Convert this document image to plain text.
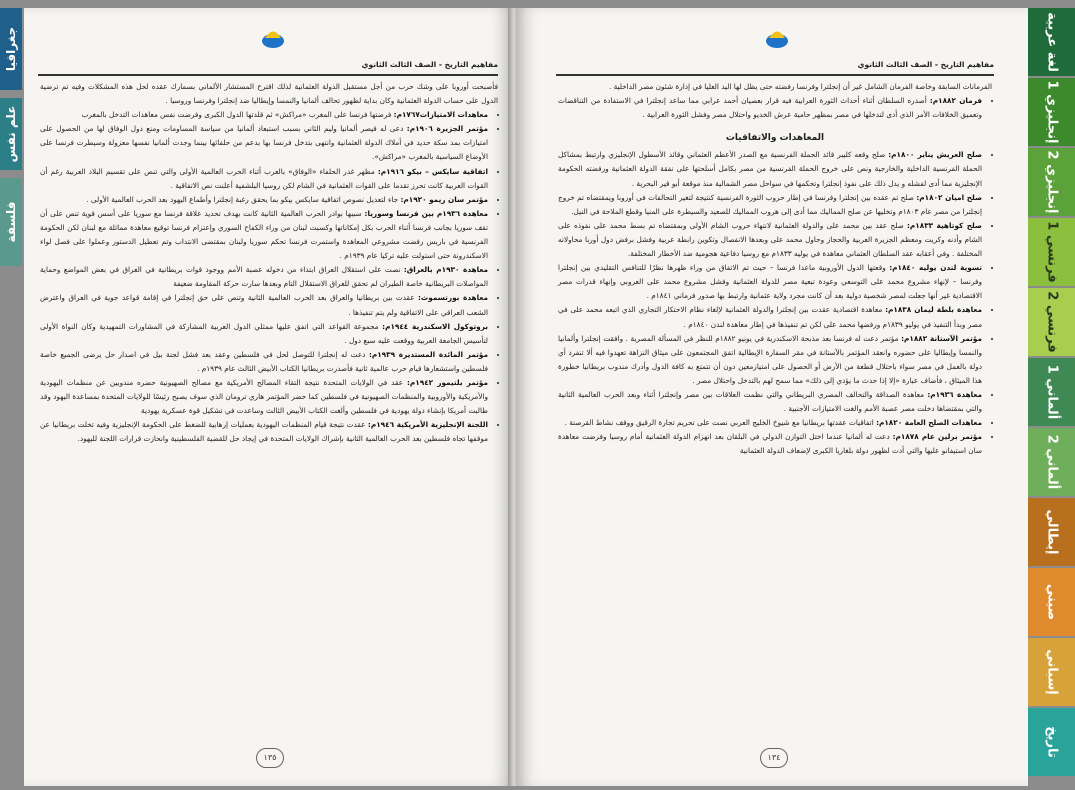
جغرافيا
علم نفس
فلسفة
لغة عربية
إنجليزي 1
إنجليزي 2
فرنسي 1
فرنسي 2
ألماني 1
ألماني 2
إيطالي
صيني
إسباني
تاريخ
مفاهيم التاريخ - الصف الثالث الثانوي

فأصبحت أوروبا على وشك حرب من أجل مستقبل الدولة العثمانية لذلك اقترح المستشار الألماني بسمارك عقده لحل هذه المشكلات وفيه تم ترضية الدول على حساب الدولة العثمانية وكان بداية لظهور تحالف ألمانيا والنمسا وإيطاليا ضد إنجلترا وفرنسا وروسيا .

• معاهدات الامتيازات١٧٦٧م: فرضتها فرنسا على المغرب «مراكش» ثم قلدتها الدول الكبرى وفرضت نفس معاهدات التدخل بالمغرب
• مؤتمر الجزيرة ١٩٠٦م: دعى له قيصر ألمانيا وليم الثاني بسبب استبعاد ألمانيا من سياسة المساومات ومنع دول الوفاق لها من الحصول على امتيازات بمد سكة حديد في أملاك الدولة العثمانية وانتهى بتدخل فرنسا بها بدعم من حلفائها بينما وجدت ألمانيا نفسها معزولة وسيطرت فرنسا على الأوضاع السياسية بالمغرب «مراكش».
• اتفاقية سايكس – بيكو ١٩١٦م: مظهر غدر الحلفاء «الوفاق» بالعرب أثناء الحرب العالمية الأولى والتي تنص على تقسيم البلاد العربية رغم أن القوات العربية كانت تحرز تقدما على القوات العثمانية في الشام لكن روسيا البلشفية أعلنت نص الاتفاقية .
• مؤتمر سان ريمو ١٩٢٠م: جاء لتعديل نصوص اتفاقية سايكس بيكو بما يحقق رغبة إنجلترا وأطماع اليهود بعد الحرب العالمية الأولى .
• معاهدة ١٩٣٦م بين فرنسا وسوريا: سببها بوادر الحرب العالمية الثانية كانت بهدف تحديد علاقة فرنسا مع سوريا على أسس قوية تنص على أن تقف سوريا بجانب فرنسا أثناء الحرب بكل إمكاناتها وكسبت لبنان من وراء الكفاح السوري وإعتزام فرنسا توقيع معاهدة مماثلة مع لبنان لكن الحكومة الفرنسية في باريس رفضت مشروعي المعاهدة واستمرت فرنسا تحكم سوريا ولبنان بمقتضى الانتداب وتم تعطيل الدستور وعملوا على فصل لواء الاسكندرونة حتى استولت عليه تركيا عام ١٩٣٩م .
• معاهدة ١٩٣٠م بالعراق: نصت على استقلال العراق ابتداء من دخوله عصبة الأمم ووجود قوات بريطانية في العراق في بعض المواضع وحماية المواصلات البريطانية خاصة الطيران لم تحقق للعراق الاستقلال التام وبعدها سارت حركة المقاومة ضعيفة
• معاهدة بورتسموث: عقدت بين بريطانيا والعراق بعد الحرب العالمية الثانية وتنص على حق إنجلترا في إقامة قواعد جوية في العراق واعترض الشعب العراقي على الاتفاقية ولم يتم تنفيذها .
• بروتوكول الاسكندرية ١٩٤٤م: مجموعة القواعد التي اتفق عليها ممثلي الدول العربية المشاركة في المشاورات التمهيدية وكان النواة الأولى لتأسيس الجامعة العربية ووقعت عليه سبع دول .
• مؤتمر المائدة المستديرة ١٩٣٩م: دعت له إنجلترا للتوصل لحل في فلسطين وعقد بعد فشل لجنة بيل في اصدار حل يرضى الجميع خاصة فلسطين واستشعارها قيام حرب عالمية ثانية فأصدرت بريطانيا الكتاب الأبيض الثالث عام ١٩٣٩م .
• مؤتمر بلتيمور ١٩٤٢م: عقد في الولايات المتحدة نتيجة التقاء المصالح الأمريكية مع مصالح الصهيونية حضره مندوبين عن منظمات اليهودية والأمريكية والأوروبية والمنظمات الصهيونية في فلسطين كما حضر المؤتمر هاري ترومان الذي سوف يصبح رئيسًا للولايات المتحدة بمساعدة اليهود وقد طالبت أمريكا بإنشاء دولة يهودية في فلسطين وألغت الكتاب الأبيض الثالث وساعدت في تشكيل قوة عسكرية يهودية
• اللجنة الإنجليزية الأمريكية ١٩٤٦م: عقدت نتيجة قيام المنظمات اليهودية بعمليات إرهابية للضغط على الحكومة الإنجليزية وفيه تخلت بريطانيا عن موقفها تجاه فلسطين بعد الحرب العالمية الثانية بإشراك الولايات المتحدة في إيجاد حل للقضية الفلسطينية وانحازت قرارات اللجنة لليهود.
١٣٥
مفاهيم التاريخ - الصف الثالث الثانوي

الفرمانات السابقة وخاصة الفرمان الشامل غير أن إنجلترا وفرنسا رفضته حتى يظل لها اليد العليا في إدارة شئون مصر الداخلية .

• فرمان ١٨٨٢م: أصدره السلطان أثناء أحداث الثورة العرابية فيه قرار بعصيان أحمد عرابي مما ساعد إنجلترا في الاستفادة من التناقضات وتعميق الخلافات الأمر الذي أدى لتدخلها في مصر بمظهر حامية عرش الخديو واحتلال مصر وفشل الثورة العرابية .
المعاهدات والاتفاقيات
• صلح العريش يناير ١٨٠٠م: صلح وقعه كليبر قائد الحملة الفرنسية مع الصدر الأعظم العثماني وقائد الأسطول الإنجليزي وارتبط بمشاكل الحملة الفرنسية الداخلية والخارجية ونص على خروج الحملة الفرنسية من مصر بكامل أسلحتها على نفقة الدولة العثمانية ورفضته الحكومة الإنجليزية مما أدى لفشله و يدل ذلك على نفوذ إنجلترا وتحكمها في سواحل مصر الشمالية منذ موقعة أبو قير البحرية .
• صلح اميان ١٨٠٢م: صلح تم عقده بين إنجلترا وفرنسا في إطار حروب الثورة الفرنسية كنتيجة لتغير التحالفات في أوروبا ويمقتضاه تم خروج إنجلترا من مصر عام ١٨٠٣م وتخليها عن صلح المماليك مما أدى إلى هروب المماليك للصعيد والسيطرة على المنيا وقطع الملاحة في النيل.
• صلح كوتاهية ١٨٣٣م: صلح عقد بين محمد على والدولة العثمانية لانتهاء حروب الشام الأولى وبمقتضاه تم بسط محمد على نفوذه على الشام وأدنه وكريت ومعظم الجزيرة العربية والحجاز وحاول محمد على وبعدها الانفصال وتكوين رابطة عربية وفشل برفض دول أوربا محاولاته المختلفة . وفي أعقابه عقد السلطان العثماني معاهدة في يوليه ١٨٣٣م مع روسيا دفاعية هجومية ضد الأخطار المختلفة.
• تسوية لندن يوليه ١٨٤٠م: وقعتها الدول الأوروبية ماعدا فرنسا – حيث تم الاتفاق من وراء ظهرها نظرًا للتنافس التقليدي بين إنجلترا وفرنسا – لإنهاء مشروع محمد على التوسعي وعودة تبعية مصر للدولة العثمانية وفشل مشروع محمد على العروبي وإنهاء قدرات مصر الاقتصادية غير أنها جعلت لمصر شخصية دولية بعد أن كانت مجرد ولاية عثمانية وارتبط بها صدور فرماني ١٨٤١م .
• معاهدة بلطة ليمان ١٨٣٨م: معاهدة اقتصادية عقدت بين إنجلترا والدولة العثمانية لإلغاء نظام الاحتكار التجاري الذي اتبعه محمد على في مصر وبدأ التنفيذ في يوليو ١٨٣٩م ورفضها محمد على لكن تم تنفيذها في إطار معاهدة لندن ١٨٤٠م .
• مؤتمر الآستانة ١٨٨٢م: مؤتمر دعت له فرنسا بعد مذبحة الاسكندرية في يونيو ١٨٨٢م للنظر في المسألة المصرية . وافقت إنجلترا وألمانيا والنمسا وإيطاليا على حضوره وانعقد المؤتمر بالآستانة في مقر السفارة الإيطالية اتفق المجتمعون على ميثاق النزاهة تعهدوا فيه ألا تنفرد أي دولة بالعمل في مصر سواء باحتلال قطعة من الأرض أو الحصول على امتيازمعين دون أن تتمتع به كافة الدول وأدرك مندوب بريطانيا خطورة هذا الميثاق ، فأضاف عبارة «إلا إذا حدث ما يؤدي إلى ذلك» مما سمح لهم بالتدخل واحتلال مصر .
• معاهدة ١٩٣٦م: معاهدة الصداقة والتحالف المصري البريطاني والتي نظمت العلاقات بين مصر وإنجلترا أثناء وبعد الحرب العالمية الثانية والتي بمقتضاها دخلت مصر عصبة الأمم والغت الامتيازات الأجنبية .
• معاهدات الصلح العامة ١٨٢٠م: اتفاقيات عقدتها بريطانيا مع شيوخ الخليج العربي نصت على تحريم تجارة الرقيق ووقف نشاط القرصنة .
• مؤتمر برلين عام ١٨٧٨م: دعت له ألمانيا عندما اختل التوازن الدولي في البلقان بعد انهزام الدولة العثمانية أمام روسيا وفرضت معاهدة سان استيفانو عليها والتي أدت لظهور دولة بلغاريا الكبرى لإضعاف الدولة العثمانية
١٣٤
